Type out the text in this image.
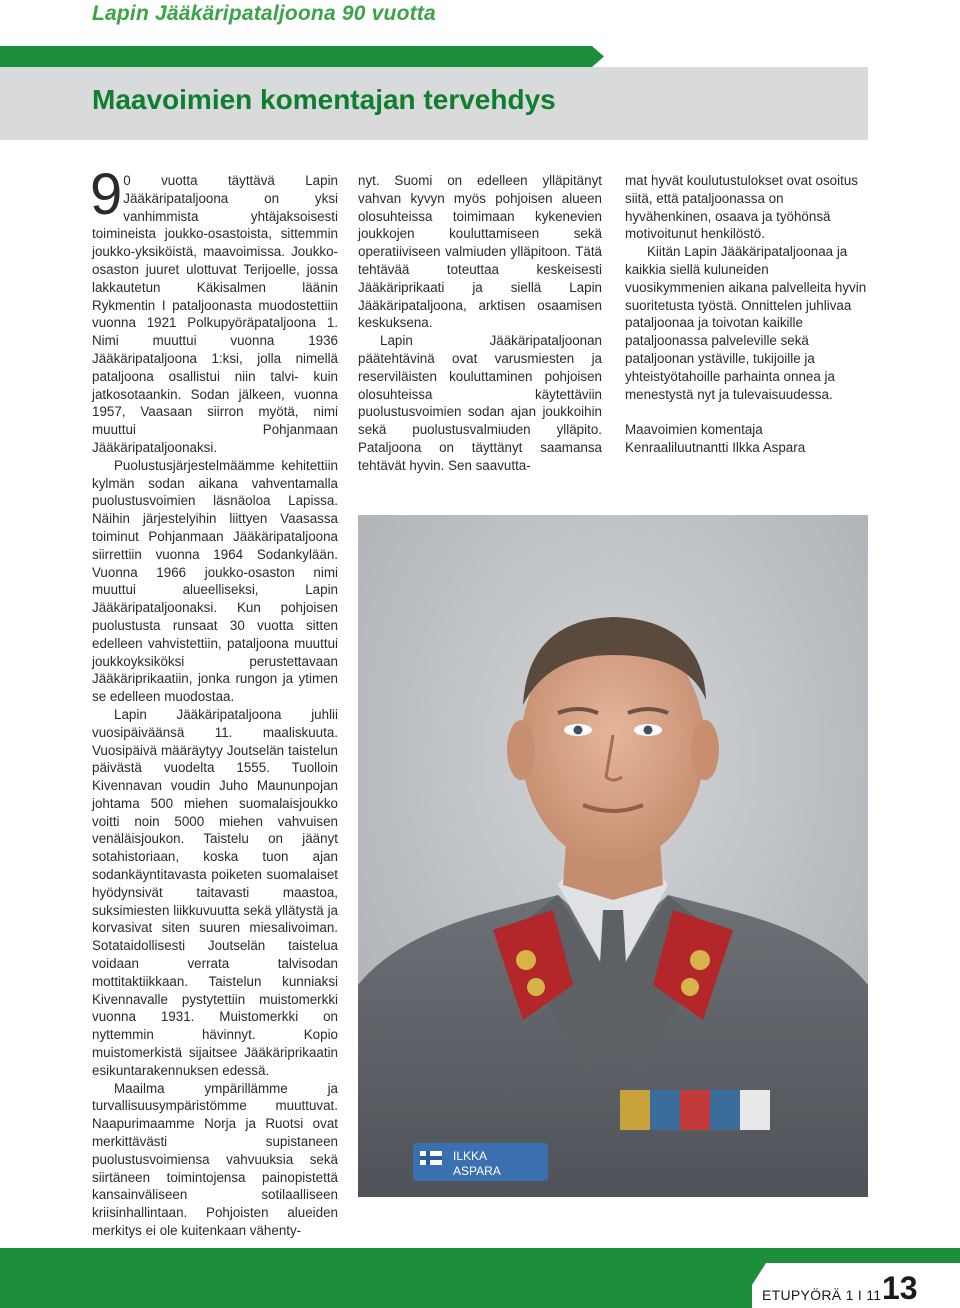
Lapin Jääkäripataljoona 90 vuotta
Maavoimien komentajan tervehdys

9 0 vuotta täyttävä Lapin Jääkäripataljoona on yksi vanhimmista yhtäjaksoisesti toimineista joukko-osastoista, sittemmin joukko-yksiköistä, maavoimissa. Joukko-osaston juuret ulottuvat Terijoelle, jossa lakkautetun Käkisalmen läänin Rykmentin I pataljoonasta muodostettiin vuonna 1921 Polkupyöräpataljoona 1. Nimi muuttui vuonna 1936 Jääkäripataljoona 1:ksi, jolla nimellä pataljoona osallistui niin talvi- kuin jatkosotaankin. Sodan jälkeen, vuonna 1957, Vaasaan siirron myötä, nimi muuttui Pohjanmaan Jääkäripataljoonaksi.

Puolustusjärjestelmäämme kehitettiin kylmän sodan aikana vahventamalla puolustusvoimien läsnäoloa Lapissa. Näihin järjestelyihin liittyen Vaasassa toiminut Pohjanmaan Jääkäripataljoona siirrettiin vuonna 1964 Sodankylään. Vuonna 1966 joukko-osaston nimi muuttui alueelliseksi, Lapin Jääkäripataljoonaksi. Kun pohjoisen puolustusta runsaat 30 vuotta sitten edelleen vahvistettiin, pataljoona muuttui joukkoyksiköksi perustettavaan Jääkäriprikaatiin, jonka rungon ja ytimen se edelleen muodostaa.

Lapin Jääkäripataljoona juhlii vuosipäiväänsä 11. maaliskuuta. Vuosipäivä määräytyy Joutselän taistelun päivästä vuodelta 1555. Tuolloin Kivennavan voudin Juho Maununpojan johtama 500 miehen suomalaisjoukko voitti noin 5000 miehen vahvuisen venäläisjoukon. Taistelu on jäänyt sotahistoriaan, koska tuon ajan sodankäyntitavasta poiketen suomalaiset hyödynsivät taitavasti maastoa, suksimiesten liikkuvuutta sekä yllätystä ja korvasivat siten suuren miesalivoiman. Sotataidollisesti Joutselän taistelua voidaan verrata talvisodan mottitaktiikkaan. Taistelun kunniaksi Kivennavalle pystytettiin muistomerkki vuonna 1931. Muistomerkki on nyttemmin hävinnyt. Kopio muistomerkistä sijaitsee Jääkäriprikaatin esikuntarakennuksen edessä.

Maailma ympärillämme ja turvallisuusympäristömme muuttuvat. Naapurimaamme Norja ja Ruotsi ovat merkittävästi supistaneen puolustusvoimiensa vahvuuksia sekä siirtäneen toimintojensa painopistettä kansainväliseen sotilaalliseen kriisinhallintaan. Pohjoisten alueiden merkitys ei ole kuitenkaan vähenty-

nyt. Suomi on edelleen ylläpitänyt vahvan kyvyn myös pohjoisen alueen olosuhteissa toimimaan kykenevien joukkojen kouluttamiseen sekä operatiiviseen valmiuden ylläpitoon. Tätä tehtävää toteuttaa keskeisesti Jääkäriprikaati ja siellä Lapin Jääkäripataljoona, arktisen osaamisen keskuksena.

Lapin Jääkäripataljoonan päätehtävinä ovat varusmiesten ja reserviläisten kouluttaminen pohjoisen olosuhteissa käytettäviin puolustusvoimien sodan ajan joukkoihin sekä puolustusvalmiuden ylläpito. Pataljoona on täyttänyt saamansa tehtävät hyvin. Sen saavutta-

mat hyvät koulutustulokset ovat osoitus siitä, että pataljoonassa on hyvähenkinen, osaava ja työhönsä motivoitunut henkilöstö.

Kiitän Lapin Jääkäripataljoonaa ja kaikkia siellä kuluneiden vuosikymmenien aikana palvelleita hyvin suoritetusta työstä. Onnittelen juhlivaa pataljoonaa ja toivotan kaikille pataljoonassa palveleville sekä pataljoonan ystäville, tukijoille ja yhteistyötahoille parhainta onnea ja menestystä nyt ja tulevaisuudessa.

Maavoimien komentaja
Kenraaliluutnantti Ilkka Aspara
ILKKA
ASPARA
ETUPYÖRÄ 1 I 11 13
